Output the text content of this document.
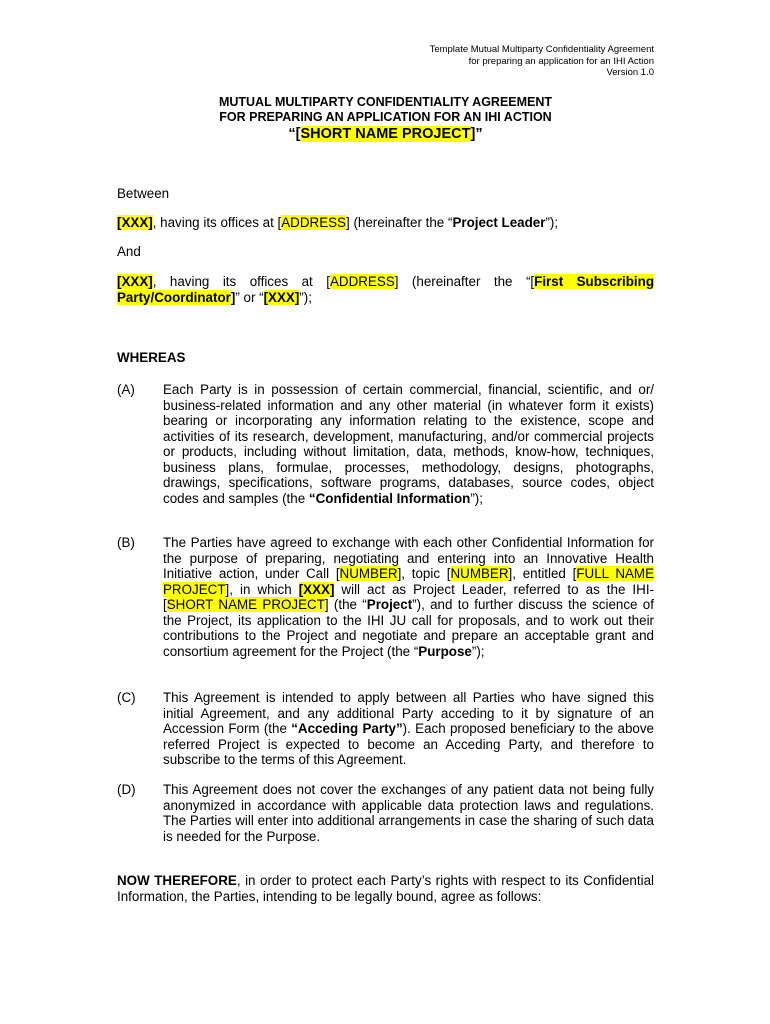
Template Mutual Multiparty Confidentiality Agreement
for preparing an application for an IHI Action
Version 1.0
MUTUAL MULTIPARTY CONFIDENTIALITY AGREEMENT
FOR PREPARING AN APPLICATION FOR AN IHI ACTION
“[SHORT NAME PROJECT]”
Between
[XXX], having its offices at [ADDRESS] (hereinafter the “Project Leader”);
And
[XXX], having its offices at [ADDRESS] (hereinafter the “[First Subscribing Party/Coordinator]” or “[XXX]”);
WHEREAS
(A) Each Party is in possession of certain commercial, financial, scientific, and or/ business-related information and any other material (in whatever form it exists) bearing or incorporating any information relating to the existence, scope and activities of its research, development, manufacturing, and/or commercial projects or products, including without limitation, data, methods, know-how, techniques, business plans, formulae, processes, methodology, designs, photographs, drawings, specifications, software programs, databases, source codes, object codes and samples (the “Confidential Information”);
(B) The Parties have agreed to exchange with each other Confidential Information for the purpose of preparing, negotiating and entering into an Innovative Health Initiative action, under Call [NUMBER], topic [NUMBER], entitled [FULL NAME PROJECT], in which [XXX] will act as Project Leader, referred to as the IHI-[SHORT NAME PROJECT] (the “Project”), and to further discuss the science of the Project, its application to the IHI JU call for proposals, and to work out their contributions to the Project and negotiate and prepare an acceptable grant and consortium agreement for the Project (the “Purpose”);
(C) This Agreement is intended to apply between all Parties who have signed this initial Agreement, and any additional Party acceding to it by signature of an Accession Form (the “Acceding Party”). Each proposed beneficiary to the above referred Project is expected to become an Acceding Party, and therefore to subscribe to the terms of this Agreement.
(D) This Agreement does not cover the exchanges of any patient data not being fully anonymized in accordance with applicable data protection laws and regulations. The Parties will enter into additional arrangements in case the sharing of such data is needed for the Purpose.
NOW THEREFORE, in order to protect each Party’s rights with respect to its Confidential Information, the Parties, intending to be legally bound, agree as follows:
